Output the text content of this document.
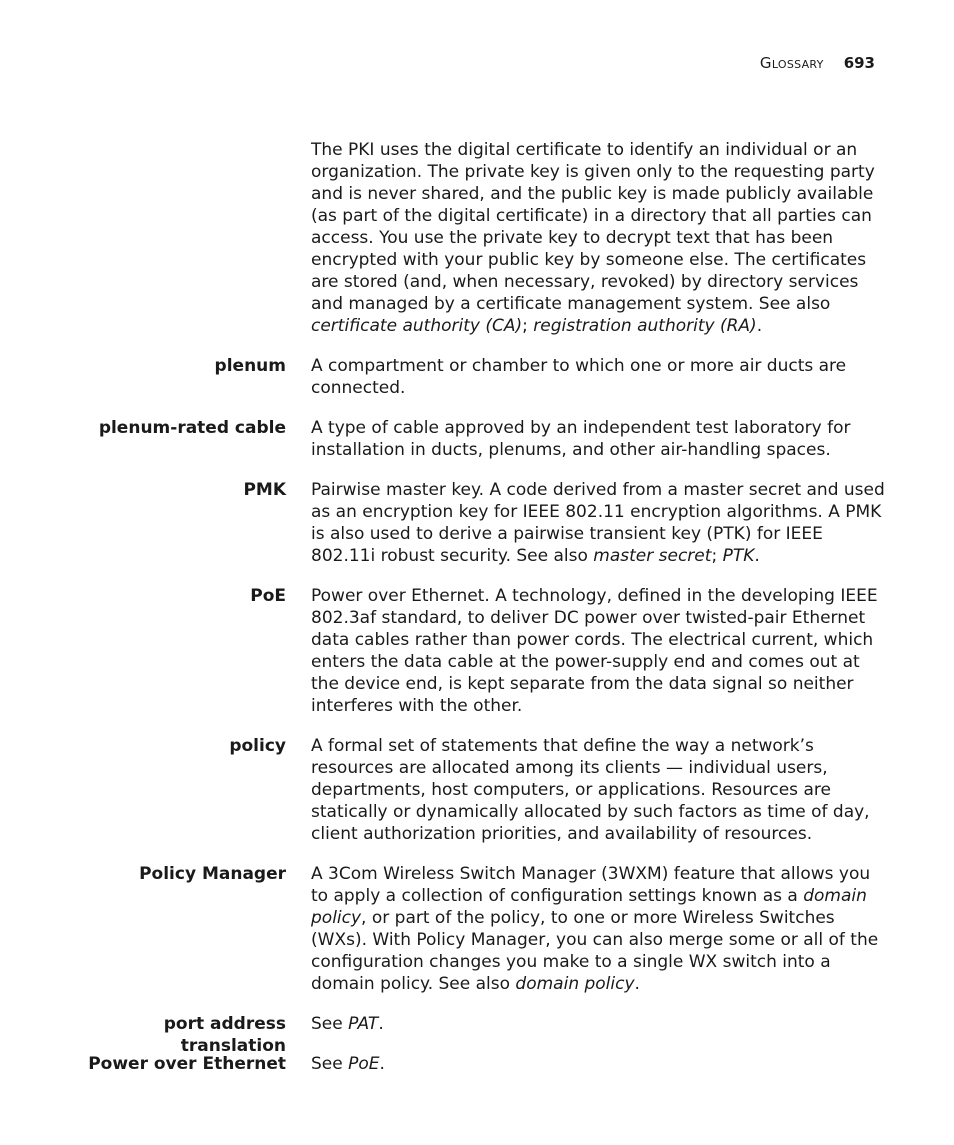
Glossary 693
The PKI uses the digital certificate to identify an individual or an organization. The private key is given only to the requesting party and is never shared, and the public key is made publicly available (as part of the digital certificate) in a directory that all parties can access. You use the private key to decrypt text that has been encrypted with your public key by someone else. The certificates are stored (and, when necessary, revoked) by directory services and managed by a certificate management system. See also certificate authority (CA); registration authority (RA).
plenum A compartment or chamber to which one or more air ducts are connected.
plenum-rated cable A type of cable approved by an independent test laboratory for installation in ducts, plenums, and other air-handling spaces.
PMK Pairwise master key. A code derived from a master secret and used as an encryption key for IEEE 802.11 encryption algorithms. A PMK is also used to derive a pairwise transient key (PTK) for IEEE 802.11i robust security. See also master secret; PTK.
PoE Power over Ethernet. A technology, defined in the developing IEEE 802.3af standard, to deliver DC power over twisted-pair Ethernet data cables rather than power cords. The electrical current, which enters the data cable at the power-supply end and comes out at the device end, is kept separate from the data signal so neither interferes with the other.
policy A formal set of statements that define the way a network’s resources are allocated among its clients — individual users, departments, host computers, or applications. Resources are statically or dynamically allocated by such factors as time of day, client authorization priorities, and availability of resources.
Policy Manager A 3Com Wireless Switch Manager (3WXM) feature that allows you to apply a collection of configuration settings known as a domain policy, or part of the policy, to one or more Wireless Switches (WXs). With Policy Manager, you can also merge some or all of the configuration changes you make to a single WX switch into a domain policy. See also domain policy.
port address
translation
See PAT.
Power over Ethernet See PoE.
